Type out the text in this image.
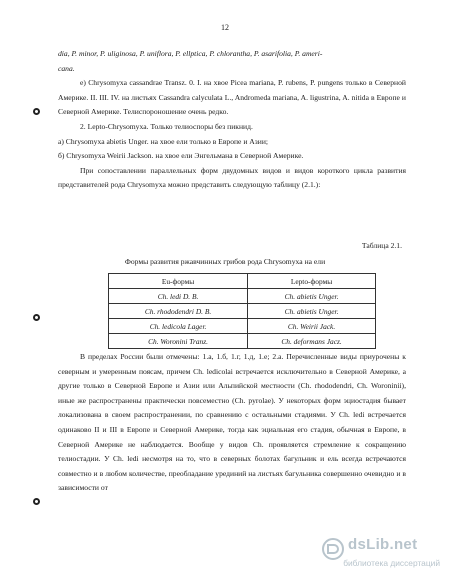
12

dia, P. minor, P. uliginosa, P. uniflora, P. ellptica, P. chlorantha, P. asarifolia, P. ameri-

cana.

e) Chrysomyxa cassandrae Transz. 0. I. на хвое Picea mariana, P. rubens, P. pungens только в Северной Америке. II. III. IV. на листьях Cassandra calyculata L., Andromeda mariana, A. ligustrina, A. nitida в Европе и Северной Америке. Телиспороношение очень редко.

2. Lepto-Chrysomyxa. Только телиоспоры без пикнид.

а) Chrysomyxa abietis Unger. на хвое ели только в Европе и Азии;

б) Chrysomyxa Weirii Jackson. на хвое ели Энгельмана в Северной Америке.

При сопоставлении параллельных форм двудомных видов и видов короткого цикла развития представителей рода Chrysomyxa можно представить следующую таблицу (2.1.):

Таблица 2.1.
Формы развития ржавчинных грибов рода Chrysomyxa на ели
Eu-формы	Lepto-формы
Ch. ledi D. B.	Ch. abietis Unger.
Ch. rhododendri D. B.	Ch. abietis Unger.
Ch. ledicola Lager.	Ch. Weirii Jack.
Ch. Woronini Tranz.	Ch. deformans Jacz.

В пределах России были отмечены: 1.а, 1.б, 1.г, 1.д, 1.е; 2.а. Перечисленные виды приурочены к северным и умеренным поясам, причем Ch. ledicolai встречается исключительно в Северной Америке, а другие только в Северной Европе и Азии или Альпийской местности (Ch. rhododendri, Ch. Woroninii), иные же распространены практически повсеместно (Ch. pyrolae). У некоторых форм эциостадия бывает локализована в своем распространении, по сравнению с остальными стадиями. У Ch. ledi встречается одинаково II и III в Европе и Северной Америке, тогда как эциальная его стадия, обычная в Европе, в Северной Америке не наблюдается. Вообще у видов Ch. проявляется стремление к сокращению телиостадии. У Ch. ledi несмотря на то, что в северных болотах багульник и ель всегда встречаются совместно и в любом количестве, преобладание урединий на листьях багульника совершенно очевидно и в зависимости от

dsLib.net
библиотека диссертаций
